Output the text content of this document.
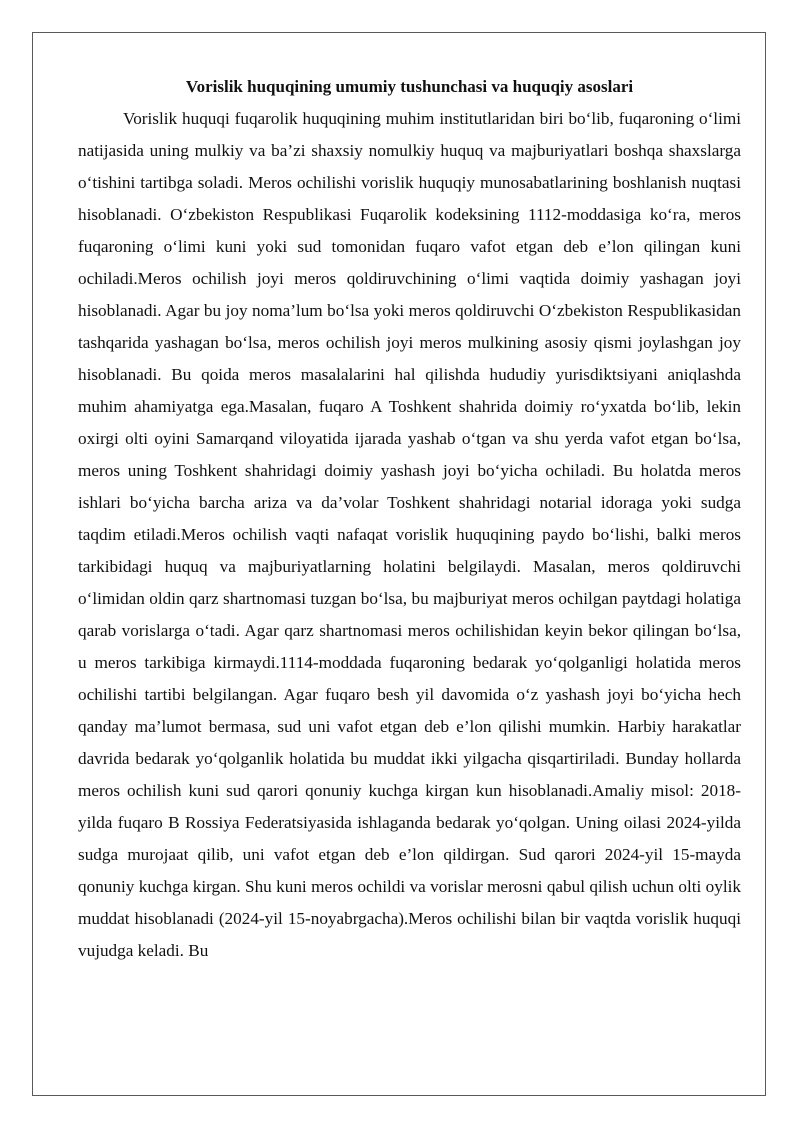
Vorislik huquqining umumiy tushunchasi va huquqiy asoslari

Vorislik huquqi fuqarolik huquqining muhim institutlaridan biri bo‘lib, fuqaroning o‘limi natijasida uning mulkiy va ba’zi shaxsiy nomulkiy huquq va majburiyatlari boshqa shaxslarga o‘tishini tartibga soladi. Meros ochilishi vorislik huquqiy munosabatlarining boshlanish nuqtasi hisoblanadi. O‘zbekiston Respublikasi Fuqarolik kodeksining 1112-moddasiga ko‘ra, meros fuqaroning o‘limi kuni yoki sud tomonidan fuqaro vafot etgan deb e’lon qilingan kuni ochiladi.Meros ochilish joyi meros qoldiruvchining o‘limi vaqtida doimiy yashagan joyi hisoblanadi. Agar bu joy noma’lum bo‘lsa yoki meros qoldiruvchi O‘zbekiston Respublikasidan tashqarida yashagan bo‘lsa, meros ochilish joyi meros mulkining asosiy qismi joylashgan joy hisoblanadi. Bu qoida meros masalalarini hal qilishda hududiy yurisdiktsiyani aniqlashda muhim ahamiyatga ega.Masalan, fuqaro A Toshkent shahrida doimiy ro‘yxatda bo‘lib, lekin oxirgi olti oyini Samarqand viloyatida ijarada yashab o‘tgan va shu yerda vafot etgan bo‘lsa, meros uning Toshkent shahridagi doimiy yashash joyi bo‘yicha ochiladi. Bu holatda meros ishlari bo‘yicha barcha ariza va da’volar Toshkent shahridagi notarial idoraga yoki sudga taqdim etiladi.Meros ochilish vaqti nafaqat vorislik huquqining paydo bo‘lishi, balki meros tarkibidagi huquq va majburiyatlarning holatini belgilaydi. Masalan, meros qoldiruvchi o‘limidan oldin qarz shartnomasi tuzgan bo‘lsa, bu majburiyat meros ochilgan paytdagi holatiga qarab vorislarga o‘tadi. Agar qarz shartnomasi meros ochilishidan keyin bekor qilingan bo‘lsa, u meros tarkibiga kirmaydi.1114-moddada fuqaroning bedarak yo‘qolganligi holatida meros ochilishi tartibi belgilangan. Agar fuqaro besh yil davomida o‘z yashash joyi bo‘yicha hech qanday ma’lumot bermasa, sud uni vafot etgan deb e’lon qilishi mumkin. Harbiy harakatlar davrida bedarak yo‘qolganlik holatida bu muddat ikki yilgacha qisqartiriladi. Bunday hollarda meros ochilish kuni sud qarori qonuniy kuchga kirgan kun hisoblanadi.Amaliy misol: 2018-yilda fuqaro B Rossiya Federatsiyasida ishlaganda bedarak yo‘qolgan. Uning oilasi 2024-yilda sudga murojaat qilib, uni vafot etgan deb e’lon qildirgan. Sud qarori 2024-yil 15-mayda qonuniy kuchga kirgan. Shu kuni meros ochildi va vorislar merosni qabul qilish uchun olti oylik muddat hisoblanadi (2024-yil 15-noyabrgacha).Meros ochilishi bilan bir vaqtda vorislik huquqi vujudga keladi. Bu
